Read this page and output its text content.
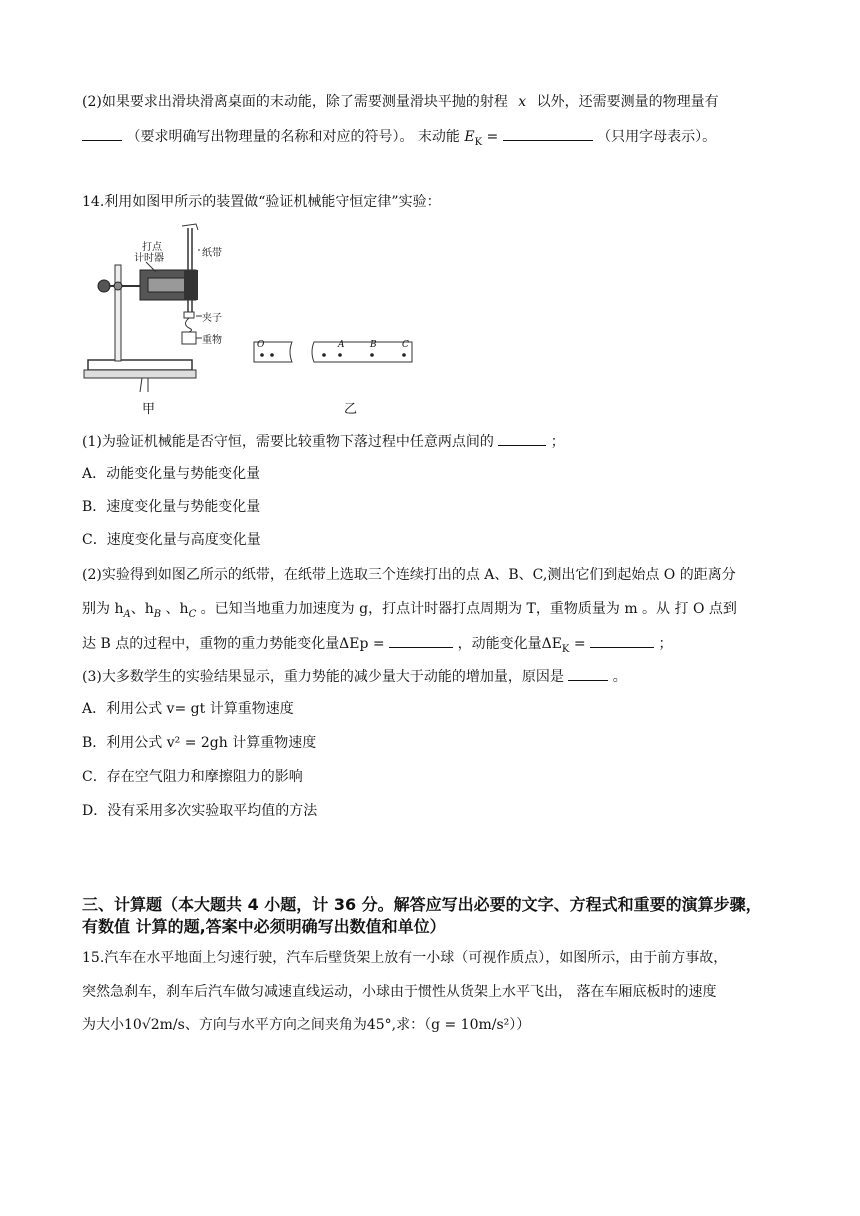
(2)如果要求出滑块滑离桌面的末动能，除了需要测量滑块平抛的射程 x 以外，还需要测量的物理量有
（要求明确写出物理量的名称和对应的符号）。 末动能 $E_K$ =	（只用字母表示）。
14.利用如图甲所示的装置做“验证机械能守恒定律”实验：
打点
计时器	纸带
夹子
重物	O	A	B	C
甲	乙
(1)为验证机械能是否守恒，需要比较重物下落过程中任意两点间的	；
A．动能变化量与势能变化量
B．速度变化量与势能变化量
C．速度变化量与高度变化量
(2)实验得到如图乙所示的纸带，在纸带上选取三个连续打出的点 A、B、C,测出它们到起始点 O 的距离分
别为 $h_A$、$h_B$ 、$h_C$ 。已知当地重力加速度为 g，打点计时器打点周期为 T，重物质量为 m 。从 打 O 点到
达 B 点的过程中，重物的重力势能变化量ΔEp =	，动能变化量$\Delta E_K$ =	；
(3)大多数学生的实验结果显示，重力势能的减少量大于动能的增加量，原因是	。
A．利用公式 v= gt 计算重物速度
B．利用公式 v² = 2gh 计算重物速度
C．存在空气阻力和摩擦阻力的影响
D．没有采用多次实验取平均值的方法
三、计算题（本大题共 4 小题，计 36 分。解答应写出必要的文字、方程式和重要的演算步骤，
有数值 计算的题,答案中必须明确写出数值和单位）
15.汽车在水平地面上匀速行驶，汽车后壁货架上放有一小球（可视作质点），如图所示，由于前方事故，
突然急刹车，刹车后汽车做匀减速直线运动，小球由于惯性从货架上水平飞出， 落在车厢底板时的速度
为大小10√2m/s、方向与水平方向之间夹角为45°,求：（g = 10m/s²））
